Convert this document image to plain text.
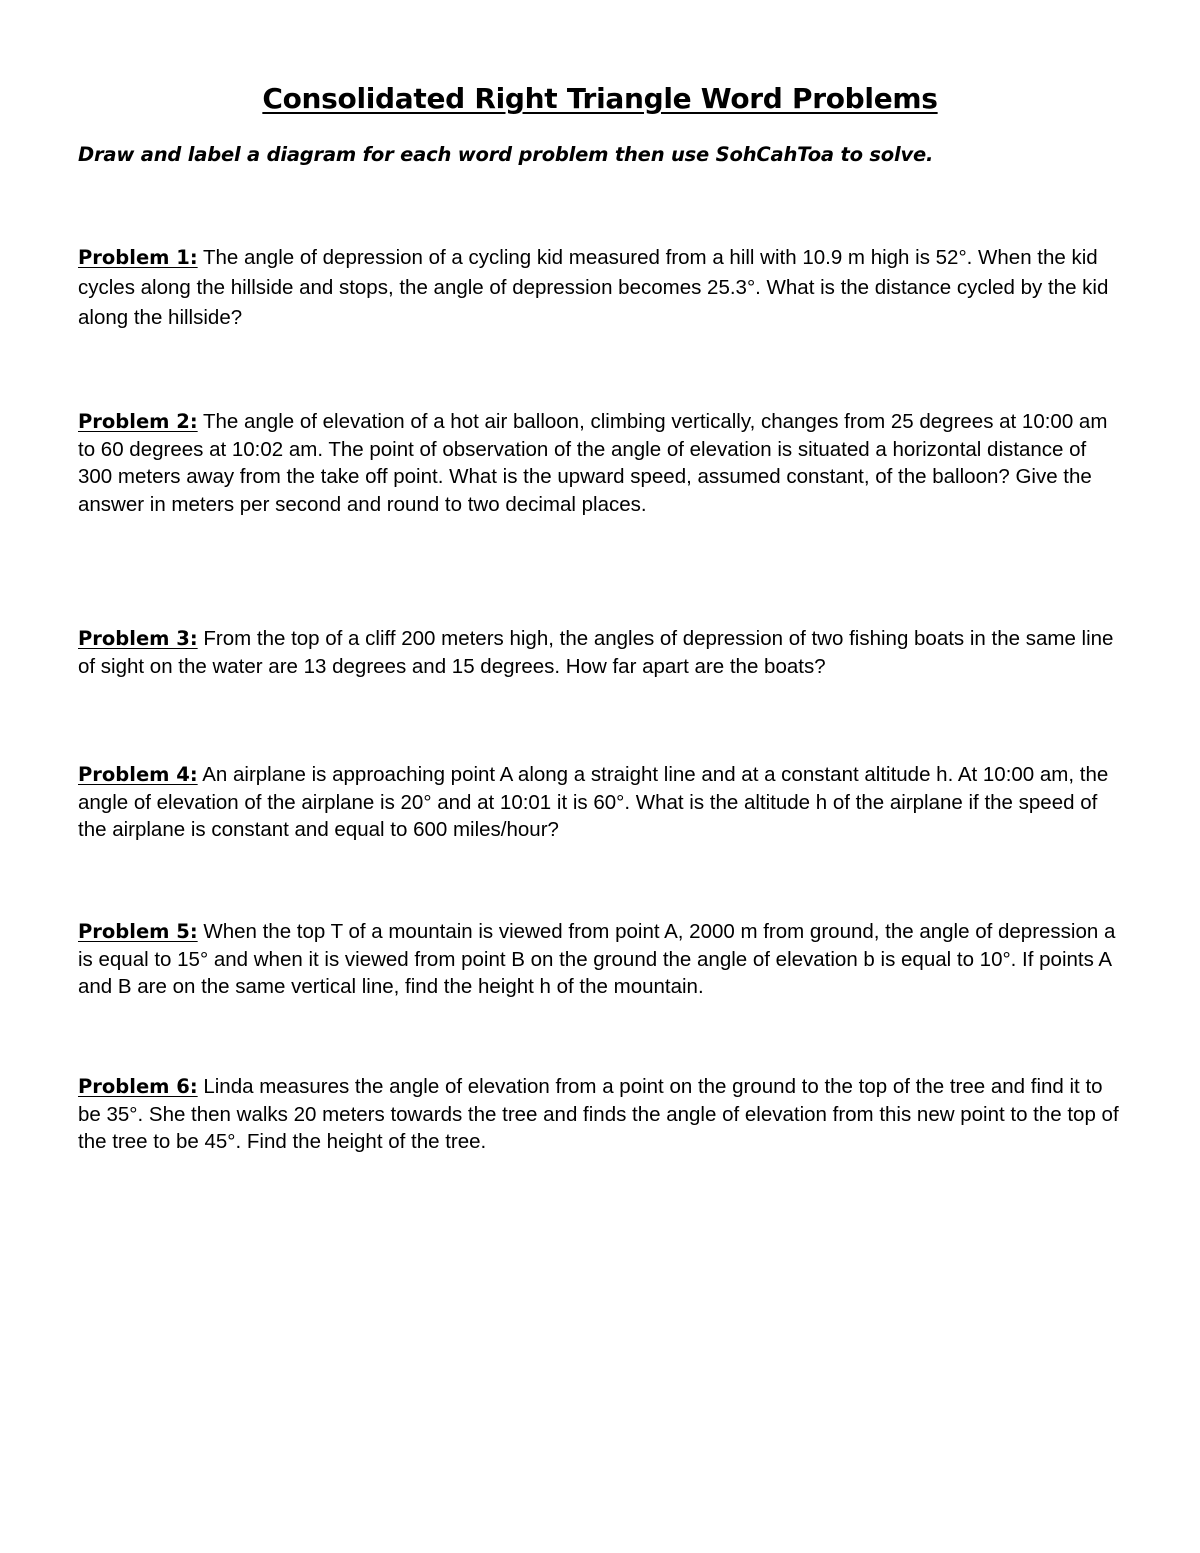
Consolidated Right Triangle Word Problems

Draw and label a diagram for each word problem then use SohCahToa to solve.

Problem 1: The angle of depression of a cycling kid measured from a hill with 10.9 m high is 52°. When the kid cycles along the hillside and stops, the angle of depression becomes 25.3°. What is the distance cycled by the kid along the hillside?

Problem 2: The angle of elevation of a hot air balloon, climbing vertically, changes from 25 degrees at 10:00 am to 60 degrees at 10:02 am. The point of observation of the angle of elevation is situated a horizontal distance of 300 meters away from the take off point. What is the upward speed, assumed constant, of the balloon? Give the answer in meters per second and round to two decimal places.

Problem 3: From the top of a cliff 200 meters high, the angles of depression of two fishing boats in the same line of sight on the water are 13 degrees and 15 degrees. How far apart are the boats?

Problem 4: An airplane is approaching point A along a straight line and at a constant altitude h. At 10:00 am, the angle of elevation of the airplane is 20° and at 10:01 it is 60°. What is the altitude h of the airplane if the speed of the airplane is constant and equal to 600 miles/hour?

Problem 5: When the top T of a mountain is viewed from point A, 2000 m from ground, the angle of depression a is equal to 15° and when it is viewed from point B on the ground the angle of elevation b is equal to 10°. If points A and B are on the same vertical line, find the height h of the mountain.

Problem 6: Linda measures the angle of elevation from a point on the ground to the top of the tree and find it to be 35°. She then walks 20 meters towards the tree and finds the angle of elevation from this new point to the top of the tree to be 45°. Find the height of the tree.
